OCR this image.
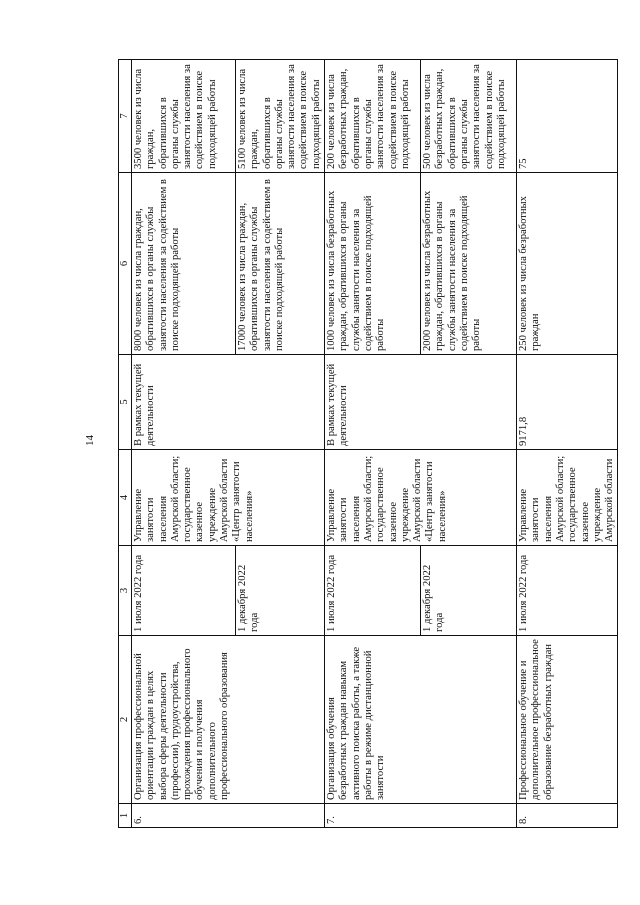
14
1	2	3	4	5	6	7
6.	Организация профессиональной ориентации граждан в целях выбора сферы деятельности (профессии), трудоустройства, прохождения профессионального обучения и получения дополнительного профессионального образования	1 июля 2022 года	Управление занятости населения Амурской области; государственное казенное учреждение Амурской области «Центр занятости населения»	В рамках текущей деятельности	8000 человек из числа граждан, обратившихся в органы службы занятости населения за содействием в поиске подходящей работы	3500 человек из числа граждан, обратившихся в органы службы занятости населения за содействием в поиске подходящей работы
		1 декабря 2022 года			17000 человек из числа граждан, обратившихся в органы службы занятости населения за содействием в поиске подходящей работы	5100 человек из числа граждан, обратившихся в органы службы занятости населения за содействием в поиске подходящей работы
7.	Организация обучения безработных граждан навыкам активного поиска работы, а также работы в режиме дистанционной занятости	1 июля 2022 года	Управление занятости населения Амурской области; государственное казенное учреждение Амурской области «Центр занятости населения»	В рамках текущей деятельности	1000 человек из числа безработных граждан, обратившихся в органы службы занятости населения за содействием в поиске подходящей работы	200 человек из числа безработных граждан, обратившихся в органы службы занятости населения за содействием в поиске подходящей работы
		1 декабря 2022 года			2000 человек из числа безработных граждан, обратившихся в органы службы занятости населения за содействием в поиске подходящей работы	500 человек из числа безработных граждан, обратившихся в органы службы занятости населения за содействием в поиске подходящей работы
8.	Профессиональное обучение и дополнительное профессиональное образование безработных граждан	1 июля 2022 года	Управление занятости населения Амурской области; государственное казенное учреждение Амурской области	9171,8	250 человек из числа безработных граждан	75
